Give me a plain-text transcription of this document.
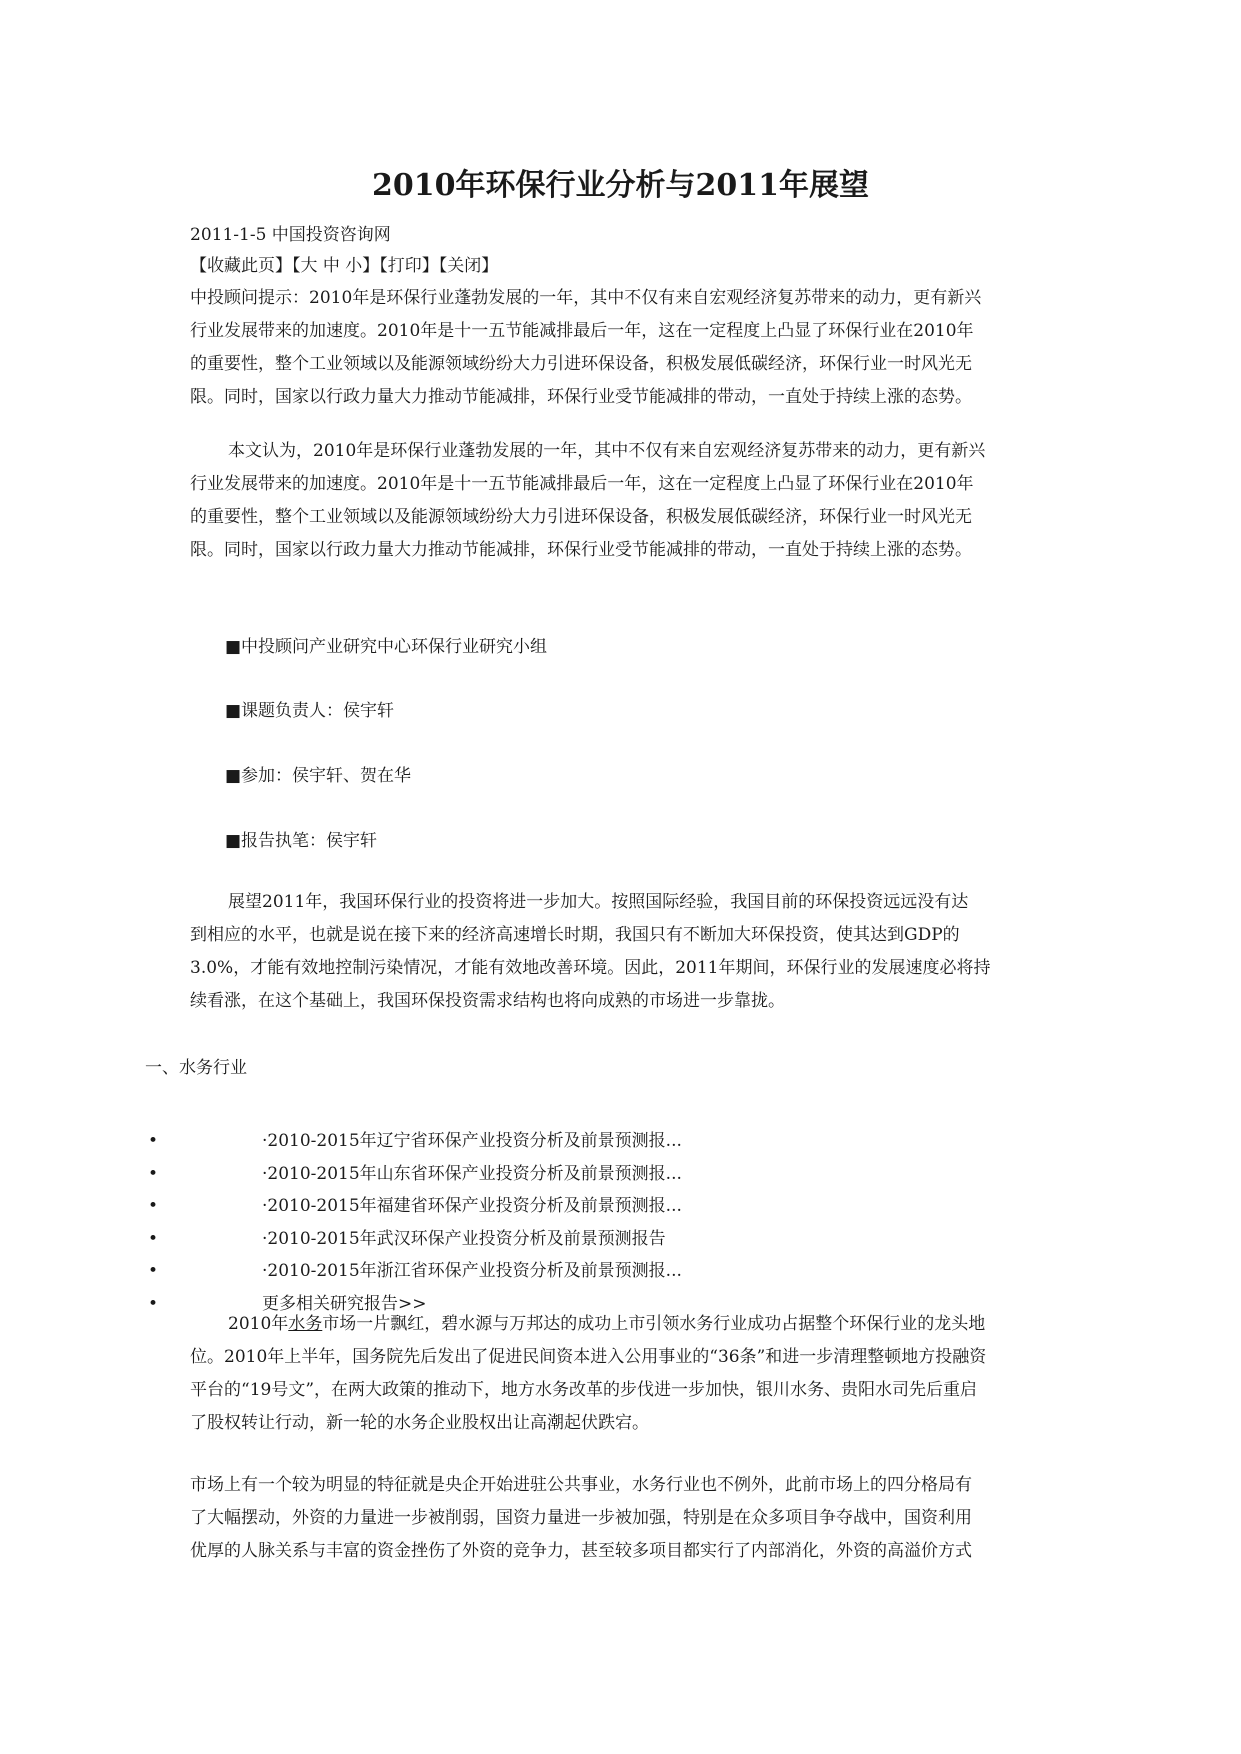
2010年环保行业分析与2011年展望
2011-1-5 中国投资咨询网
【收藏此页】【大 中 小】【打印】【关闭】
中投顾问提示：2010年是环保行业蓬勃发展的一年，其中不仅有来自宏观经济复苏带来的动力，更有新兴
行业发展带来的加速度。2010年是十一五节能减排最后一年，这在一定程度上凸显了环保行业在2010年
的重要性，整个工业领域以及能源领域纷纷大力引进环保设备，积极发展低碳经济，环保行业一时风光无
限。同时，国家以行政力量大力推动节能减排，环保行业受节能减排的带动，一直处于持续上涨的态势。
本文认为，2010年是环保行业蓬勃发展的一年，其中不仅有来自宏观经济复苏带来的动力，更有新兴
行业发展带来的加速度。2010年是十一五节能减排最后一年，这在一定程度上凸显了环保行业在2010年
的重要性，整个工业领域以及能源领域纷纷大力引进环保设备，积极发展低碳经济，环保行业一时风光无
限。同时，国家以行政力量大力推动节能减排，环保行业受节能减排的带动，一直处于持续上涨的态势。
■中投顾问产业研究中心环保行业研究小组
■课题负责人：侯宇轩
■参加：侯宇轩、贺在华
■报告执笔：侯宇轩
展望2011年，我国环保行业的投资将进一步加大。按照国际经验，我国目前的环保投资远远没有达
到相应的水平，也就是说在接下来的经济高速增长时期，我国只有不断加大环保投资，使其达到GDP的
3.0%，才能有效地控制污染情况，才能有效地改善环境。因此，2011年期间，环保行业的发展速度必将持
续看涨，在这个基础上，我国环保投资需求结构也将向成熟的市场进一步靠拢。
一、水务行业
•	·2010-2015年辽宁省环保产业投资分析及前景预测报...
•	·2010-2015年山东省环保产业投资分析及前景预测报...
•	·2010-2015年福建省环保产业投资分析及前景预测报...
•	·2010-2015年武汉环保产业投资分析及前景预测报告
•	·2010-2015年浙江省环保产业投资分析及前景预测报...
•	更多相关研究报告>>
2010年水务市场一片飘红，碧水源与万邦达的成功上市引领水务行业成功占据整个环保行业的龙头地
位。2010年上半年，国务院先后发出了促进民间资本进入公用事业的“36条”和进一步清理整顿地方投融资
平台的“19号文”，在两大政策的推动下，地方水务改革的步伐进一步加快，银川水务、贵阳水司先后重启
了股权转让行动，新一轮的水务企业股权出让高潮起伏跌宕。
市场上有一个较为明显的特征就是央企开始进驻公共事业，水务行业也不例外，此前市场上的四分格局有
了大幅摆动，外资的力量进一步被削弱，国资力量进一步被加强，特别是在众多项目争夺战中，国资利用
优厚的人脉关系与丰富的资金挫伤了外资的竞争力，甚至较多项目都实行了内部消化，外资的高溢价方式
